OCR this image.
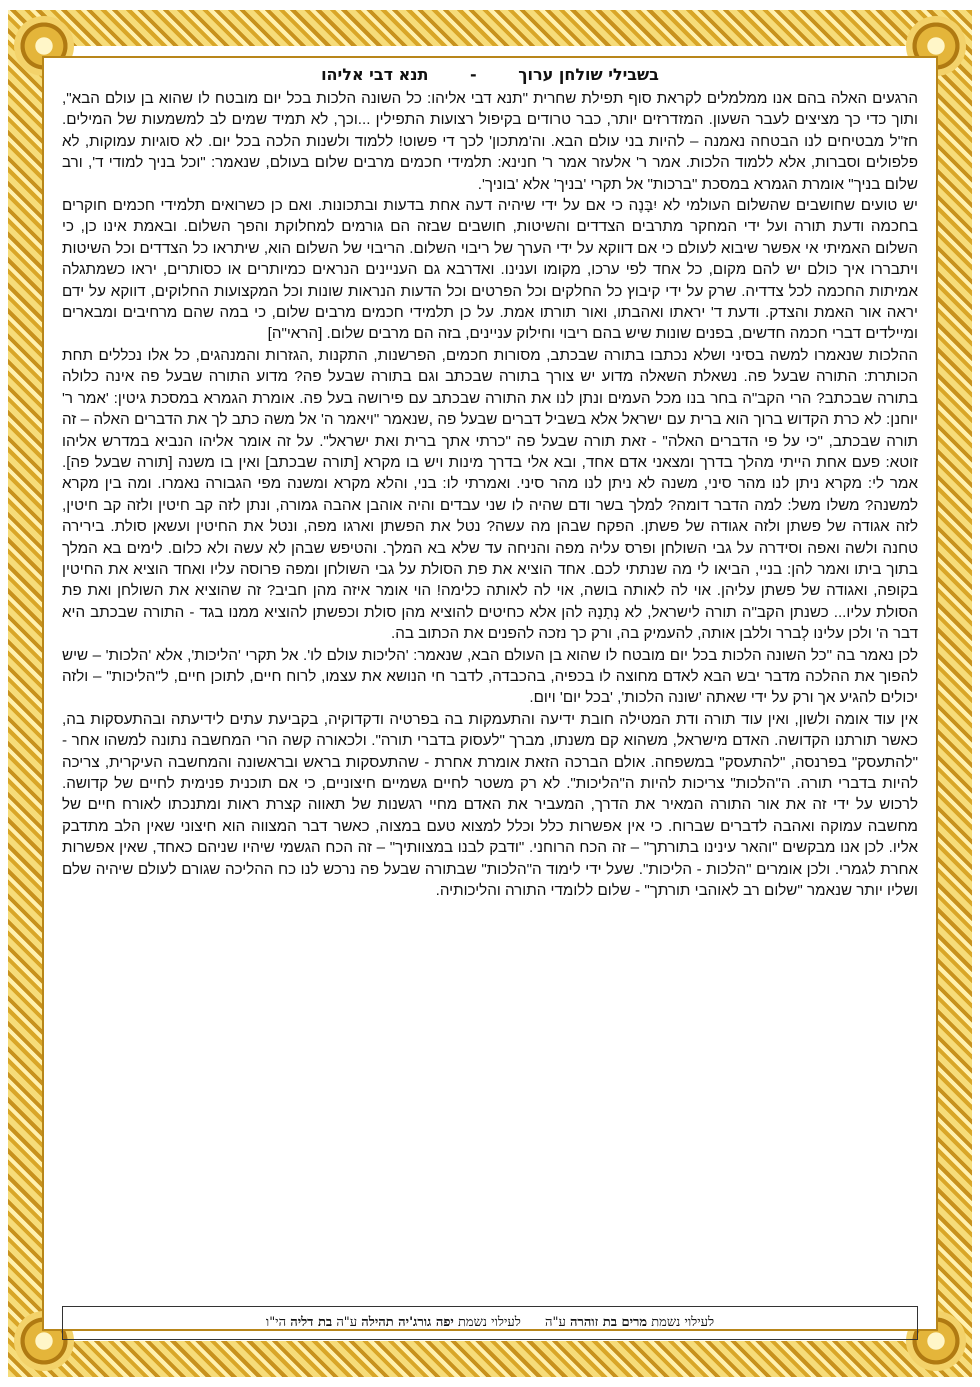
בשבילי שולחן ערוך - תנא דבי אליהו

הרגעים האלה בהם אנו ממלמלים לקראת סוף תפילת שחרית "תנא דבי אליהו: כל השונה הלכות בכל יום מובטח לו שהוא בן עולם הבא", ותוך כדי כך מציצים לעבר השעון. המזדרזים יותר, כבר טרודים בקיפול רצועות התפילין ...וכך, לא תמיד שמים לב למשמעות של המילים. חז"ל מבטיחים לנו הבטחה נאמנה – להיות בני עולם הבא. וה'מתכון' לכך די פשוט! ללמוד ולשנות הלכה בכל יום. לא סוגיות עמוקות, לא פלפולים וסברות, אלא ללמוד הלכות. אמר ר' אלעזר אמר ר' חנינא: תלמידי חכמים מרבים שלום בעולם, שנאמר: "וכל בניך למודי ד', ורב שלום בניך" אומרת הגמרא במסכת "ברכות" אל תקרי 'בניך' אלא 'בוניך'.

יש טועים שחושבים שהשלום העולמי לא יִבָּנֶה כי אם על ידי שיהיה דעה אחת בדעות ובתכונות. ואם כן כשרואים תלמידי חכמים חוקרים בחכמה ודעת תורה ועל ידי המחקר מתרבים הצדדים והשיטות, חושבים שבזה הם גורמים למחלוקת והפך השלום. ובאמת אינו כן, כי השלום האמיתי אי אפשר שיבוא לעולם כי אם דווקא על ידי הערך של ריבוי השלום. הריבוי של השלום הוא, שיתראו כל הצדדים וכל השיטות ויתבררו איך כולם יש להם מקום, כל אחד לפי ערכו, מקומו וענינו. ואדרבא גם העניינים הנראים כמיותרים או כסותרים, יראו כשמתגלה אמיתות החכמה לכל צדדיה. שרק על ידי קיבוץ כל החלקים וכל הפרטים וכל הדעות הנראות שונות וכל המקצועות החלוקים, דווקא על ידם יראה אור האמת והצדק. ודעת ד' יראתו ואהבתו, ואור תורתו אמת. על כן תלמידי חכמים מרבים שלום, כי במה שהם מרחיבים ומבארים ומיילדים דברי חכמה חדשים, בפנים שונות שיש בהם ריבוי וחילוק עניינים, בזה הם מרבים שלום. [הראי"ה]

ההלכות שנאמרו למשה בסיני ושלא נכתבו בתורה שבכתב, מסורות חכמים, הפרשנות, התקנות ,הגזרות והמנהגים, כל אלו נכללים תחת הכותרת: התורה שבעל פה. נשאלת השאלה מדוע יש צורך בתורה שבכתב וגם בתורה שבעל פה? מדוע התורה שבעל פה אינה כלולה בתורה שבכתב? הרי הקב"ה בחר בנו מכל העמים ונתן לנו את התורה שבכתב עם פירושה בעל פה. אומרת הגמרא במסכת גיטין: 'אמר ר' יוחנן: לא כרת הקדוש ברוך הוא ברית עם ישראל אלא בשביל דברים שבעל פה ,שנאמר "ויאמר ה' אל משה כתב לך את הדברים האלה – זה תורה שבכתב, "כי על פי הדברים האלה" - זאת תורה שבעל פה "כרתי אתך ברית ואת ישראל". על זה אומר אליהו הנביא במדרש אליהו זוטא: פעם אחת הייתי מהלך בדרך ומצאני אדם אחד, ובא אלי בדרך מינות ויש בו מקרא [תורה שבכתב] ואין בו משנה [תורה שבעל פה]. אמר לי: מקרא ניתן לנו מהר סיני, משנה לא ניתן לנו מהר סיני. ואמרתי לו: בני, והלא מקרא ומשנה מפי הגבורה נאמרו. ומה בין מקרא למשנה? משלו משל: למה הדבר דומה? למלך בשר ודם שהיה לו שני עבדים והיה אוהבן אהבה גמורה, ונתן לזה קב חיטין ולזה קב חיטין, לזה אגודה של פשתן ולזה אגודה של פשתן. הפקח שבהן מה עשה? נטל את הפשתן וארגו מפה, ונטל את החיטין ועשאן סולת. בירירה טחנה ולשה ואפה וסידרה על גבי השולחן ופרס עליה מפה והניחה עד שלא בא המלך. והטיפש שבהן לא עשה ולא כלום. לימים בא המלך בתוך ביתו ואמר להן: בניי, הביאו לי מה שנתתי לכם. אחד הוציא את פת הסולת על גבי השולחן ומפה פרוסה עליו ואחד הוציא את החיטין בקופה, ואגודה של פשתן עליהן. אוי לה לאותה בושה, אוי לה לאותה כלימה! הוי אומר איזה מהן חביב? זה שהוציא את השולחן ואת פת הסולת עליו... כשנתן הקב"ה תורה לישראל, לא נְתָנָהּ להן אלא כחיטים להוציא מהן סולת וכפשתן להוציא ממנו בגד - התורה שבכתב היא דבר ה' ולכן עלינו לְברר וללבן אותה, להעמיק בה, ורק כך נזכה להפנים את הכתוב בה.

לכן נאמר בה "כל השונה הלכות בכל יום מובטח לו שהוא בן העולם הבא, שנאמר: 'הליכות עולם לו'. אל תקרי 'הליכות', אלא 'הלכות' – שיש להפוך את ההלכה מדבר יבש הבא לאדם מחוצה לו בכפיה, בהכבדה, לדבר חי הנושא את עצמו, לרוח חיים, לתוכן חיים, ל"הליכות" – ולזה יכולים להגיע אך ורק על ידי שאתה 'שונה הלכות', 'בכל יום' ויום.

אין עוד אומה ולשון, ואין עוד תורה ודת המטילה חובת ידיעה והתעמקות בה בפרטיה ודקדוקיה, בקביעת עתים לידיעתה ובהתעסקות בה, כאשר תורתנו הקדושה. האדם מישראל, משהוא קם משנתו, מברך "לעסוק בדברי תורה". ולכאורה קשה הרי המחשבה נתונה למשהו אחר - "להתעסק" בפרנסה, "להתעסק" במשפחה. אולם הברכה הזאת אומרת אחרת - שהתעסקות בראש ובראשונה והמחשבה העיקרית, צריכה להיות בדברי תורה. ה"הלכות" צריכות להיות ה"הליכות". לא רק משטר לחיים גשמיים חיצוניים, כי אם תוכנית פנימית לחיים של קדושה. לרכוש על ידי זה את אור התורה המאיר את הדרך, המעביר את האדם מחיי רגשנות של תאווה קצרת ראות ומתנכתו לאורח חיים של מחשבה עמוקה ואהבה לדברים שברוח. כי אין אפשרות כלל וכלל למצוא טעם במצוה, כאשר דבר המצווה הוא חיצוני שאין הלב מתדבק אליו. לכן אנו מבקשים "והאר עינינו בתורתך" – זה הכח הרוחני. "ודבק לבנו במצוותיך" – זה הכח הגשמי שיהיו שניהם כאחד, שאין אפשרות אחרת לגמרי. ולכן אומרים "הלכות - הליכות". שעל ידי לימוד ה"הלכות" שבתורה שבעל פה נרכש לנו כח ההליכה שגורם לעולם שיהיה שלם ושליו יותר שנאמר "שלום רב לאוהבי תורתך" - שלום ללומדי התורה והליכותיה.

לעילוי נשמת מרים בת זוהרה ע"ה לעילוי נשמת יפה גורג'יה תהילה ע"ה בת דליה הי"ו
